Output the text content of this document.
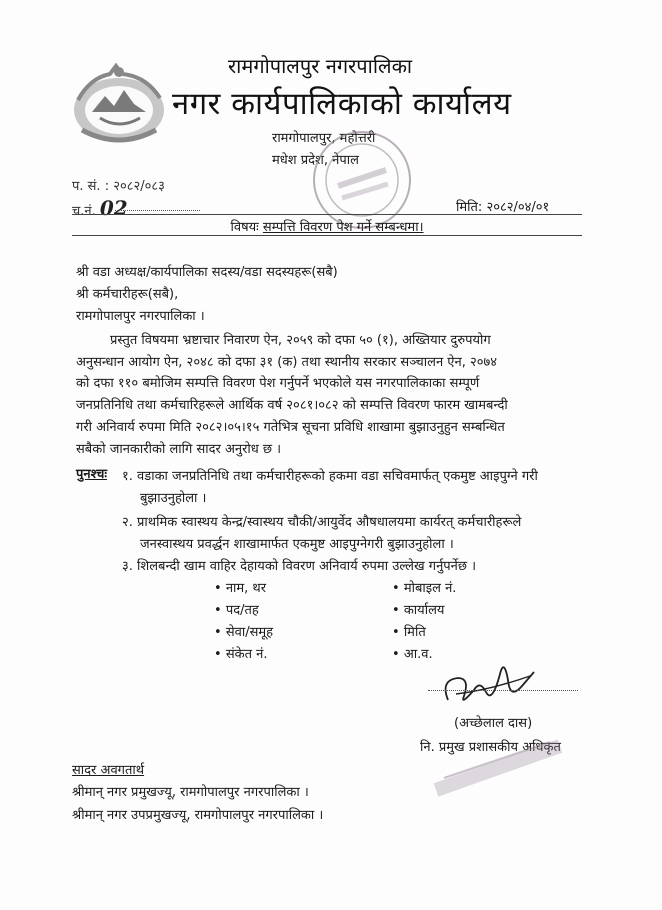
रामगोपालपुर नगरपालिका
नगर कार्यपालिकाको कार्यालय
रामगोपालपुर, महोत्तरी
मधेश प्रदेश, नेपाल
प. सं. : २०८२/०८३
च.नं. 02	मिति: २०८२/०४/०१
विषयः सम्पत्ति विवरण पेश गर्ने सम्बन्धमा।
श्री वडा अध्यक्ष/कार्यपालिका सदस्य/वडा सदस्यहरू(सबै)
श्री कर्मचारीहरू(सबै),
रामगोपालपुर नगरपालिका ।

प्रस्तुत विषयमा भ्रष्टाचार निवारण ऐन, २०५९ को दफा ५० (१), अख्तियार दुरुपयोग

अनुसन्धान आयोग ऐन, २०४८ को दफा ३१ (क) तथा स्थानीय सरकार सञ्चालन ऐन, २०७४

को दफा ११० बमोजिम सम्पत्ति विवरण पेश गर्नुपर्ने भएकोले यस नगरपालिकाका सम्पूर्ण

जनप्रतिनिधि तथा कर्मचारिहरूले आर्थिक वर्ष २०८१।०८२ को सम्पत्ति विवरण फारम खामबन्दी

गरी अनिवार्य रुपमा मिति २०८२।०५।१५ गतेभित्र सूचना प्रविधि शाखामा बुझाउनुहुन सम्बन्धित

सबैको जानकारीको लागि सादर अनुरोध छ ।

पुनश्चः १. वडाका जनप्रतिनिधि तथा कर्मचारीहरूको हकमा वडा सचिवमार्फत् एकमुष्ट आइपुग्ने गरी
बुझाउनुहोला ।
२. प्राथमिक स्वास्थय केन्द्र/स्वास्थय चौकी/आयुर्वेद औषधालयमा कार्यरत् कर्मचारीहरूले
जनस्वास्थय प्रवर्द्धन शाखामार्फत एकमुष्ट आइपुग्नेगरी बुझाउनुहोला ।
३. शिलबन्दी खाम वाहिर देहायको विवरण अनिवार्य रुपमा उल्लेख गर्नुपर्नेछ ।
• नाम, थर
• पद/तह
• सेवा/समूह
• संकेत नं.
• मोबाइल नं.
• कार्यालय
• मिति
• आ.व.
(अच्छेलाल दास)
नि. प्रमुख प्रशासकीय अधिकृत
सादर अवगतार्थ
श्रीमान् नगर प्रमुखज्यू, रामगोपालपुर नगरपालिका ।
श्रीमान् नगर उपप्रमुखज्यू, रामगोपालपुर नगरपालिका ।
